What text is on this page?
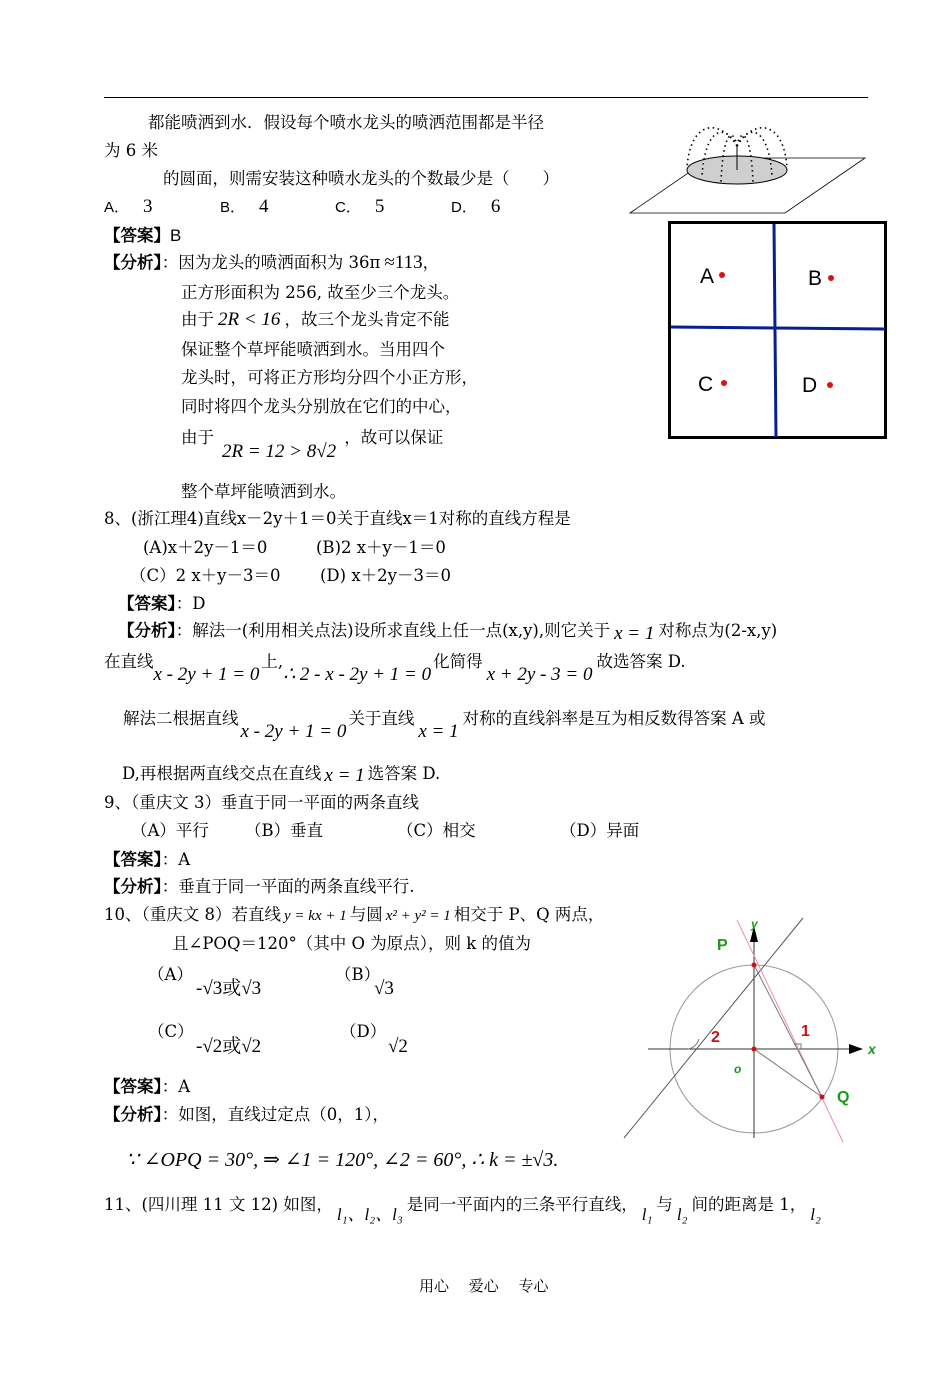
A	B
C	D
都能喷洒到水．假设每个喷水龙头的喷洒范围都是半径
为 6 米
的圆面，则需安装这种喷水龙头的个数最少是（　　）
A． 3	B． 4	C． 5	D． 6
【答案】B
【分析】：因为龙头的喷洒面积为 36π ≈113，
正方形面积为 256, 故至少三个龙头。
由于 2R < 16 ，故三个龙头肯定不能
保证整个草坪能喷洒到水。当用四个
龙头时，可将正方形均分四个小正方形，
同时将四个龙头分别放在它们的中心，
由于2R = 12 > 8√2，故可以保证
整个草坪能喷洒到水。
8、(浙江理4)直线x－2y＋1＝0关于直线x＝1对称的直线方程是
(A)x＋2y－1＝0	(B)2 x＋y－1＝0
（C）2 x＋y－3＝0 (D) x＋2y－3＝0
【答案】：D
【分析】：解法一(利用相关点法)设所求直线上任一点(x,y),则它关于 x = 1 对称点为(2-x,y)
在直线x - 2y + 1 = 0上,∴ 2 - x - 2y + 1 = 0化简得x + 2y - 3 = 0故选答案 D.
解法二根据直线x - 2y + 1 = 0关于直线x = 1对称的直线斜率是互为相反数得答案 A 或
D,再根据两直线交点在直线 x = 1 选答案 D.
9、（重庆文 3）垂直于同一平面的两条直线
（A）平行 （B）垂直	（C）相交	（D）异面
【答案】：A
【分析】：垂直于同一平面的两条直线平行.
10、（重庆文 8）若直线 y = kx + 1 与圆 x² + y² = 1 相交于 P、Q 两点，
且∠POQ＝120°（其中 O 为原点），则 k 的值为
（A）
-√3或√3
（B）
√3
（C）
-√2或√2
（D）
√2
【答案】：A
【分析】：如图，直线过定点（0，1），
∵ ∠OPQ = 30°, ⇒ ∠1 = 120°, ∠2 = 60°, ∴ k = ±√3.
y
x
P
Q
o
1
2
11、(四川理 11 文 12) 如图，l₁、l₂、l₃是同一平面内的三条平行直线，l₁与l₂间的距离是 1，l₂
用心　 爱心 　专心
